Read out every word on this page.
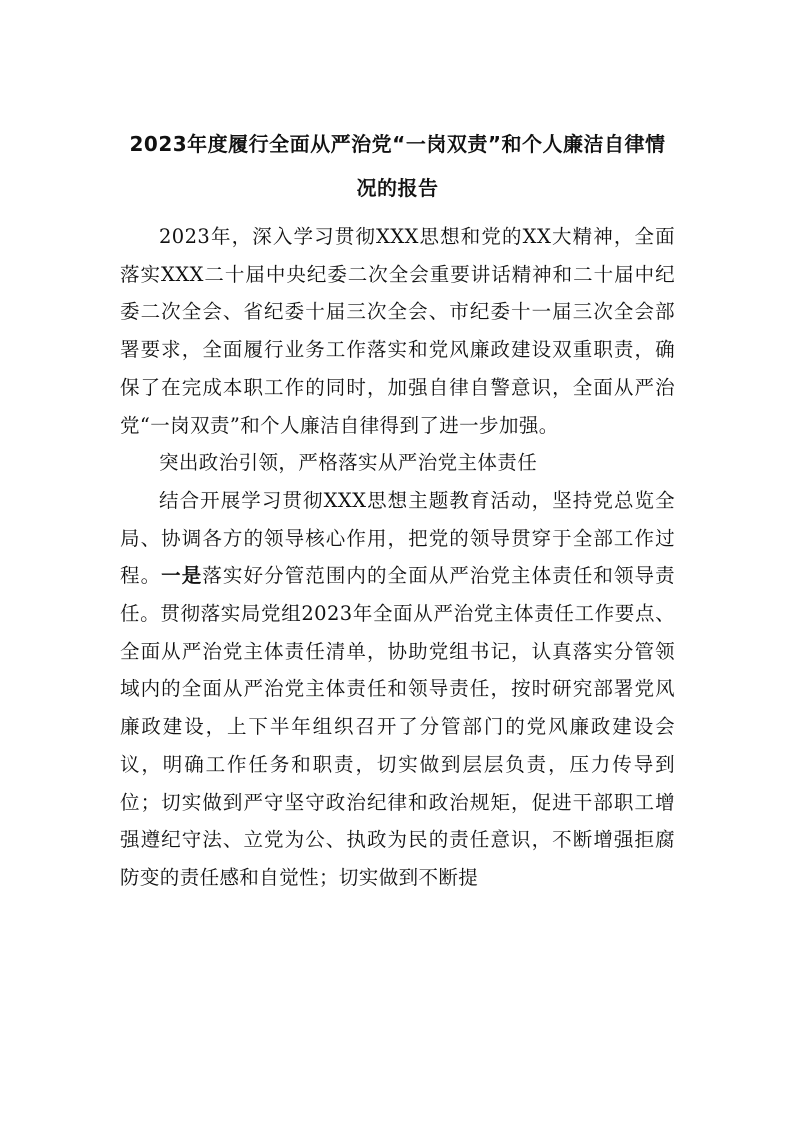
2023年度履行全面从严治党“一岗双责”和个人廉洁自律情
况的报告

2023年，深入学习贯彻XXX思想和党的XX大精神，全面落实XXX二十届中央纪委二次全会重要讲话精神和二十届中纪委二次全会、省纪委十届三次全会、市纪委十一届三次全会部署要求，全面履行业务工作落实和党风廉政建设双重职责，确保了在完成本职工作的同时，加强自律自警意识，全面从严治党“一岗双责”和个人廉洁自律得到了进一步加强。

突出政治引领，严格落实从严治党主体责任

结合开展学习贯彻XXX思想主题教育活动，坚持党总览全局、协调各方的领导核心作用，把党的领导贯穿于全部工作过程。一是落实好分管范围内的全面从严治党主体责任和领导责任。贯彻落实局党组2023年全面从严治党主体责任工作要点、全面从严治党主体责任清单，协助党组书记，认真落实分管领域内的全面从严治党主体责任和领导责任，按时研究部署党风廉政建设，上下半年组织召开了分管部门的党风廉政建设会议，明确工作任务和职责，切实做到层层负责，压力传导到位；切实做到严守坚守政治纪律和政治规矩，促进干部职工增强遵纪守法、立党为公、执政为民的责任意识，不断增强拒腐防变的责任感和自觉性；切实做到不断提
